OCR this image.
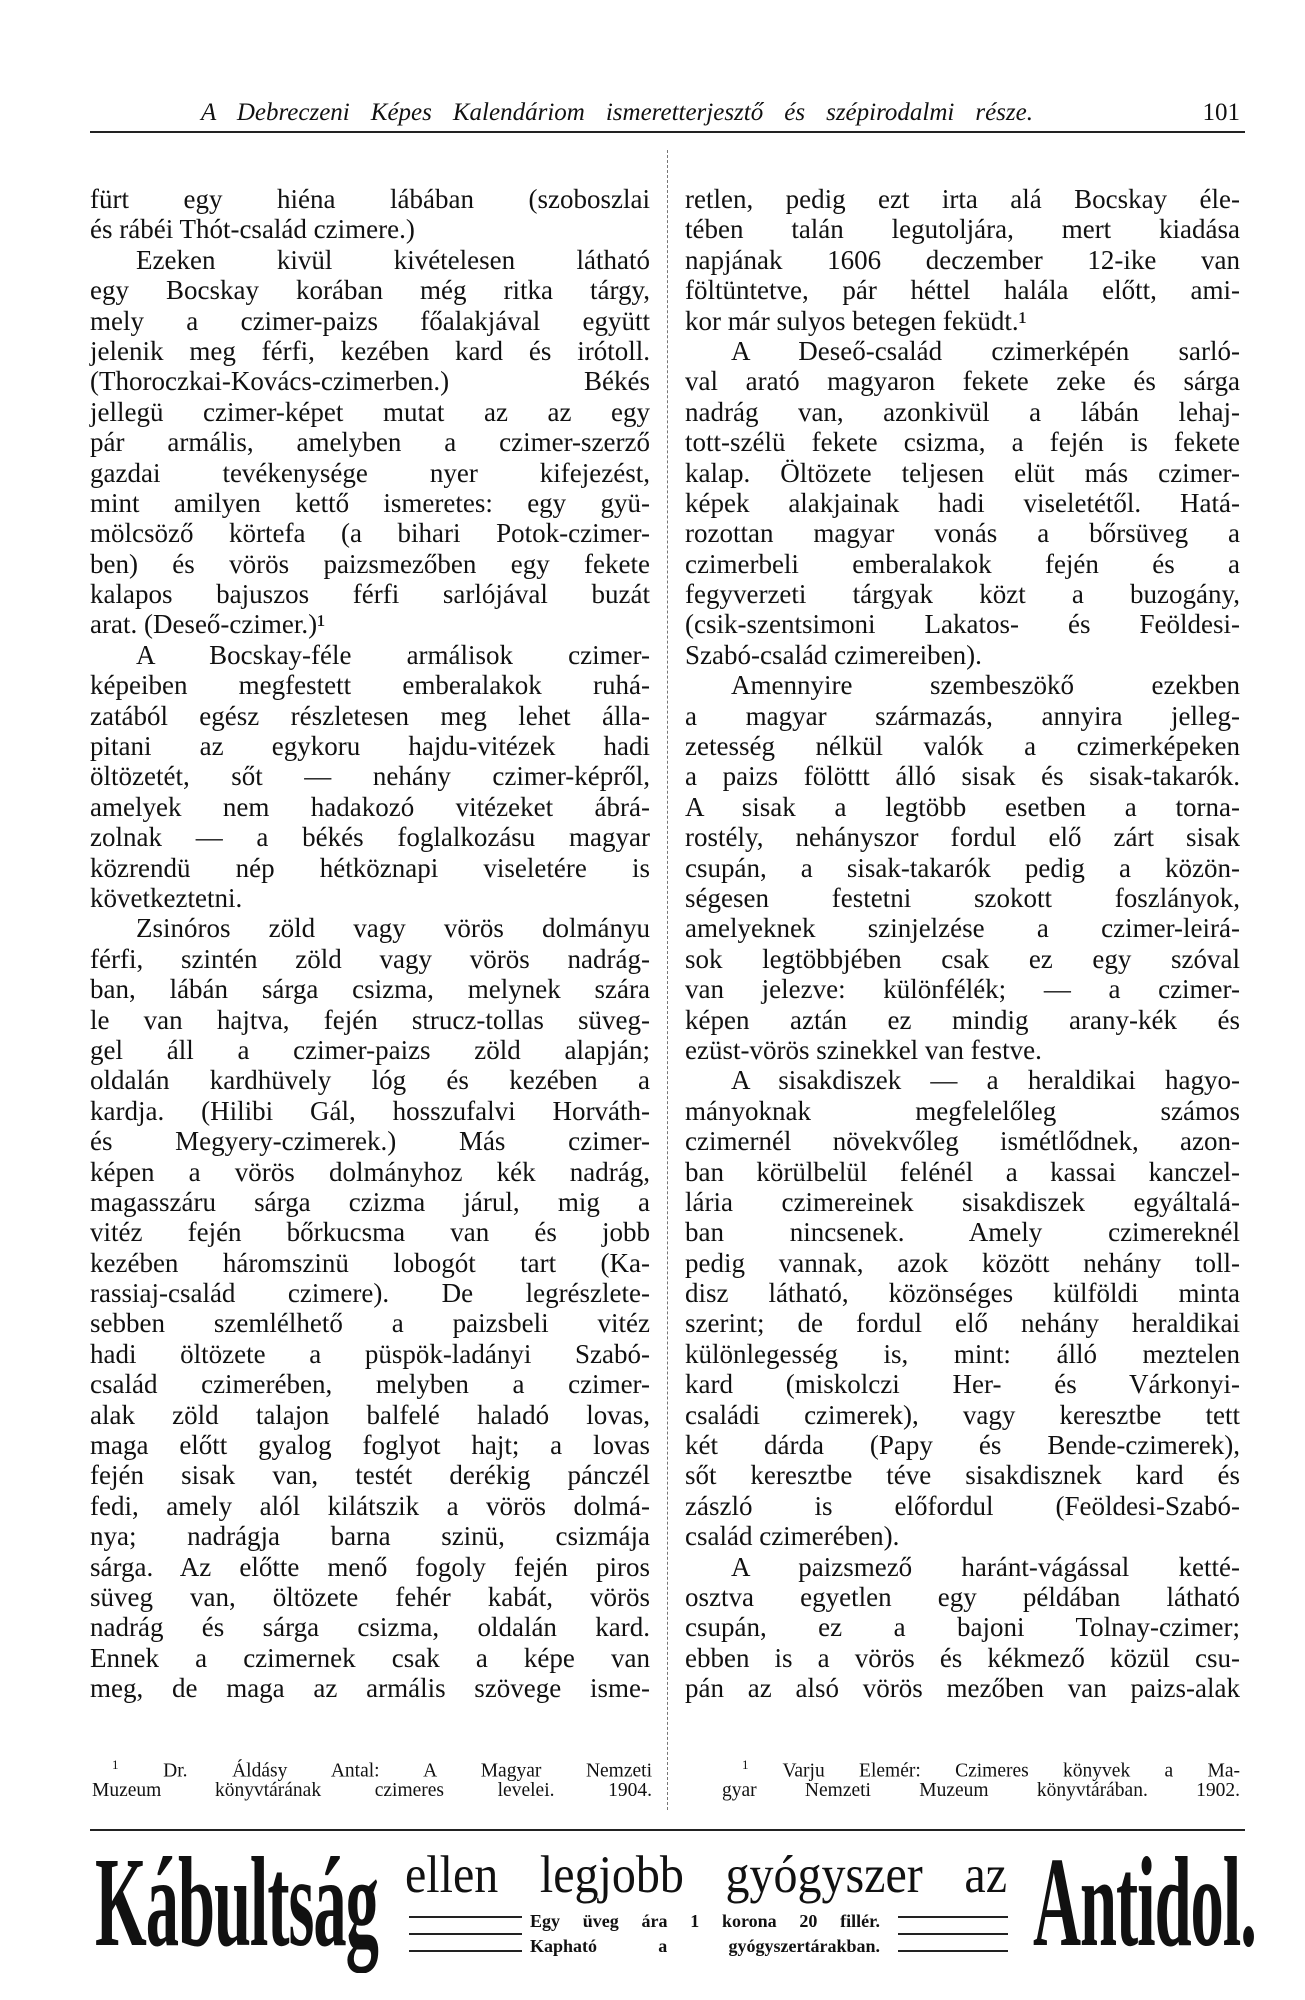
A Debreczeni Képes Kalendáriom ismeretterjesztő és szépirodalmi része.	101
fürt egy hiéna lábában (szoboszlai
és rábéi Thót-család czimere.)
Ezeken kivül kivételesen látható
egy Bocskay korában még ritka tárgy,
mely a czimer-paizs főalakjával együtt
jelenik meg férfi, kezében kard és irótoll.
(Thoroczkai-Kovács-czimerben.) Békés
jellegü czimer-képet mutat az az egy
pár armális, amelyben a czimer-szerző
gazdai tevékenysége nyer kifejezést,
mint amilyen kettő ismeretes: egy gyü-
mölcsöző körtefa (a bihari Potok-czimer-
ben) és vörös paizsmezőben egy fekete
kalapos bajuszos férfi sarlójával buzát
arat. (Deseő-czimer.)¹
A Bocskay-féle armálisok czimer-
képeiben megfestett emberalakok ruhá-
zatából egész részletesen meg lehet álla-
pitani az egykoru hajdu-vitézek hadi
öltözetét, sőt — nehány czimer-képről,
amelyek nem hadakozó vitézeket ábrá-
zolnak — a békés foglalkozásu magyar
közrendü nép hétköznapi viseletére is
következtetni.
Zsinóros zöld vagy vörös dolmányu
férfi, szintén zöld vagy vörös nadrág-
ban, lábán sárga csizma, melynek szára
le van hajtva, fején strucz-tollas süveg-
gel áll a czimer-paizs zöld alapján;
oldalán kardhüvely lóg és kezében a
kardja. (Hilibi Gál, hosszufalvi Horváth-
és Megyery-czimerek.) Más czimer-
képen a vörös dolmányhoz kék nadrág,
magasszáru sárga czizma járul, mig a
vitéz fején bőrkucsma van és jobb
kezében háromszinü lobogót tart (Ka-
rassiaj-család czimere). De legrészlete-
sebben szemlélhető a paizsbeli vitéz
hadi öltözete a püspök-ladányi Szabó-
család czimerében, melyben a czimer-
alak zöld talajon balfelé haladó lovas,
maga előtt gyalog foglyot hajt; a lovas
fején sisak van, testét derékig pánczél
fedi, amely alól kilátszik a vörös dolmá-
nya; nadrágja barna szinü, csizmája
sárga. Az előtte menő fogoly fején piros
süveg van, öltözete fehér kabát, vörös
nadrág és sárga csizma, oldalán kard.
Ennek a czimernek csak a képe van
meg, de maga az armális szövege isme-
retlen, pedig ezt irta alá Bocskay éle-
tében talán legutoljára, mert kiadása
napjának 1606 deczember 12-ike van
föltüntetve, pár héttel halála előtt, ami-
kor már sulyos betegen feküdt.¹
A Deseő-család czimerképén sarló-
val arató magyaron fekete zeke és sárga
nadrág van, azonkivül a lábán lehaj-
tott-szélü fekete csizma, a fején is fekete
kalap. Öltözete teljesen elüt más czimer-
képek alakjainak hadi viseletétől. Hatá-
rozottan magyar vonás a bőrsüveg a
czimerbeli emberalakok fején és a
fegyverzeti tárgyak közt a buzogány,
(csik-szentsimoni Lakatos- és Feöldesi-
Szabó-család czimereiben).
Amennyire szembeszökő ezekben
a magyar származás, annyira jelleg-
zetesség nélkül valók a czimerképeken
a paizs fölöttt álló sisak és sisak-takarók.
A sisak a legtöbb esetben a torna-
rostély, nehányszor fordul elő zárt sisak
csupán, a sisak-takarók pedig a közön-
ségesen festetni szokott foszlányok,
amelyeknek szinjelzése a czimer-leirá-
sok legtöbbjében csak ez egy szóval
van jelezve: különfélék; — a czimer-
képen aztán ez mindig arany-kék és
ezüst-vörös szinekkel van festve.
A sisakdiszek — a heraldikai hagyo-
mányoknak megfelelőleg számos
czimernél növekvőleg ismétlődnek, azon-
ban körülbelül felénél a kassai kanczel-
lária czimereinek sisakdiszek egyáltalá-
ban nincsenek. Amely czimereknél
pedig vannak, azok között nehány toll-
disz látható, közönséges külföldi minta
szerint; de fordul elő nehány heraldikai
különlegesség is, mint: álló meztelen
kard (miskolczi Her- és Várkonyi-
családi czimerek), vagy keresztbe tett
két dárda (Papy és Bende-czimerek),
sőt keresztbe téve sisakdisznek kard és
zászló is előfordul (Feöldesi-Szabó-
család czimerében).
A paizsmező haránt-vágással ketté-
osztva egyetlen egy példában látható
csupán, ez a bajoni Tolnay-czimer;
ebben is a vörös és kékmező közül csu-
pán az alsó vörös mezőben van paizs-alak
$^1$ Dr. Áldásy Antal: A Magyar Nemzeti
Muzeum könyvtárának czimeres levelei. 1904.
$^1$ Varju Elemér: Czimeres könyvek a Ma-
gyar Nemzeti Muzeum könyvtárában. 1902.
Kábultság ellen legjobb gyógyszer az
Egy üveg ára 1 korona 20 fillér.
Kapható a gyógyszertárakban. Antidol.
